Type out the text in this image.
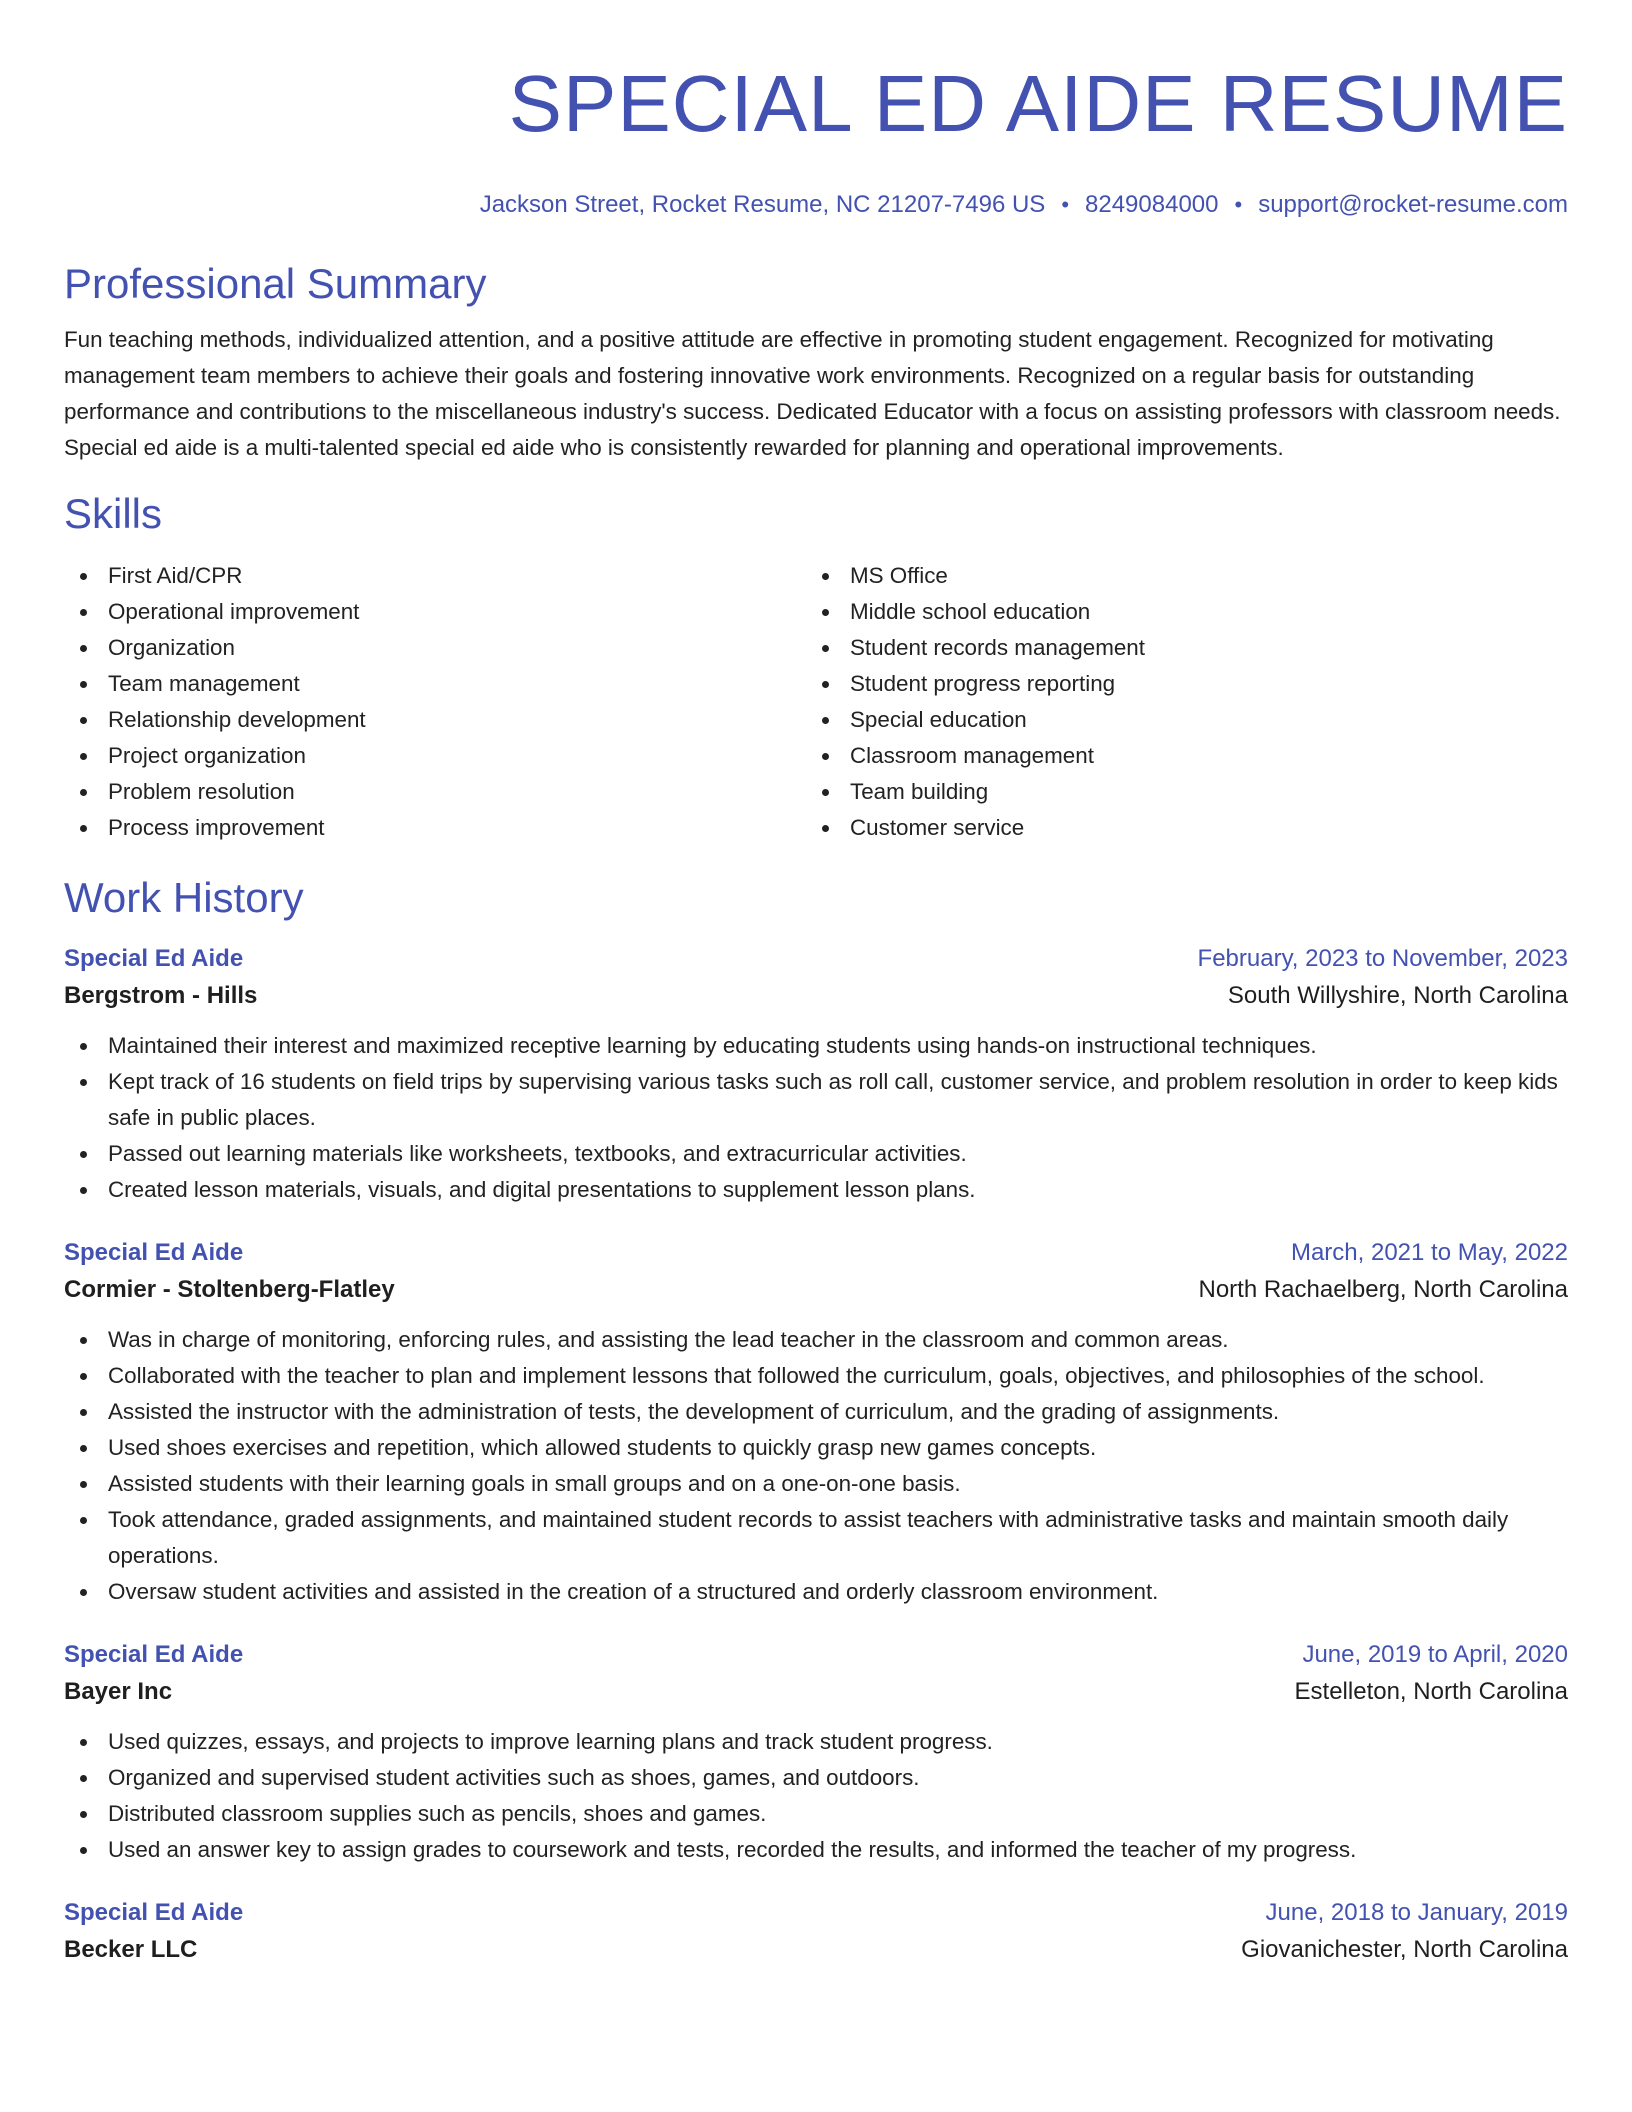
SPECIAL ED AIDE RESUME
Jackson Street, Rocket Resume, NC 21207-7496 US • 8249084000 • support@rocket-resume.com
Professional Summary
Fun teaching methods, individualized attention, and a positive attitude are effective in promoting student engagement. Recognized for motivating management team members to achieve their goals and fostering innovative work environments. Recognized on a regular basis for outstanding performance and contributions to the miscellaneous industry's success. Dedicated Educator with a focus on assisting professors with classroom needs. Special ed aide is a multi-talented special ed aide who is consistently rewarded for planning and operational improvements.
Skills
First Aid/CPR
Operational improvement
Organization
Team management
Relationship development
Project organization
Problem resolution
Process improvement
MS Office
Middle school education
Student records management
Student progress reporting
Special education
Classroom management
Team building
Customer service
Work History
Special Ed Aide	February, 2023 to November, 2023
Bergstrom - Hills	South Willyshire, North Carolina
Maintained their interest and maximized receptive learning by educating students using hands-on instructional techniques.
Kept track of 16 students on field trips by supervising various tasks such as roll call, customer service, and problem resolution in order to keep kids safe in public places.
Passed out learning materials like worksheets, textbooks, and extracurricular activities.
Created lesson materials, visuals, and digital presentations to supplement lesson plans.
Special Ed Aide	March, 2021 to May, 2022
Cormier - Stoltenberg-Flatley	North Rachaelberg, North Carolina
Was in charge of monitoring, enforcing rules, and assisting the lead teacher in the classroom and common areas.
Collaborated with the teacher to plan and implement lessons that followed the curriculum, goals, objectives, and philosophies of the school.
Assisted the instructor with the administration of tests, the development of curriculum, and the grading of assignments.
Used shoes exercises and repetition, which allowed students to quickly grasp new games concepts.
Assisted students with their learning goals in small groups and on a one-on-one basis.
Took attendance, graded assignments, and maintained student records to assist teachers with administrative tasks and maintain smooth daily operations.
Oversaw student activities and assisted in the creation of a structured and orderly classroom environment.
Special Ed Aide	June, 2019 to April, 2020
Bayer Inc	Estelleton, North Carolina
Used quizzes, essays, and projects to improve learning plans and track student progress.
Organized and supervised student activities such as shoes, games, and outdoors.
Distributed classroom supplies such as pencils, shoes and games.
Used an answer key to assign grades to coursework and tests, recorded the results, and informed the teacher of my progress.
Special Ed Aide	June, 2018 to January, 2019
Becker LLC	Giovanichester, North Carolina
